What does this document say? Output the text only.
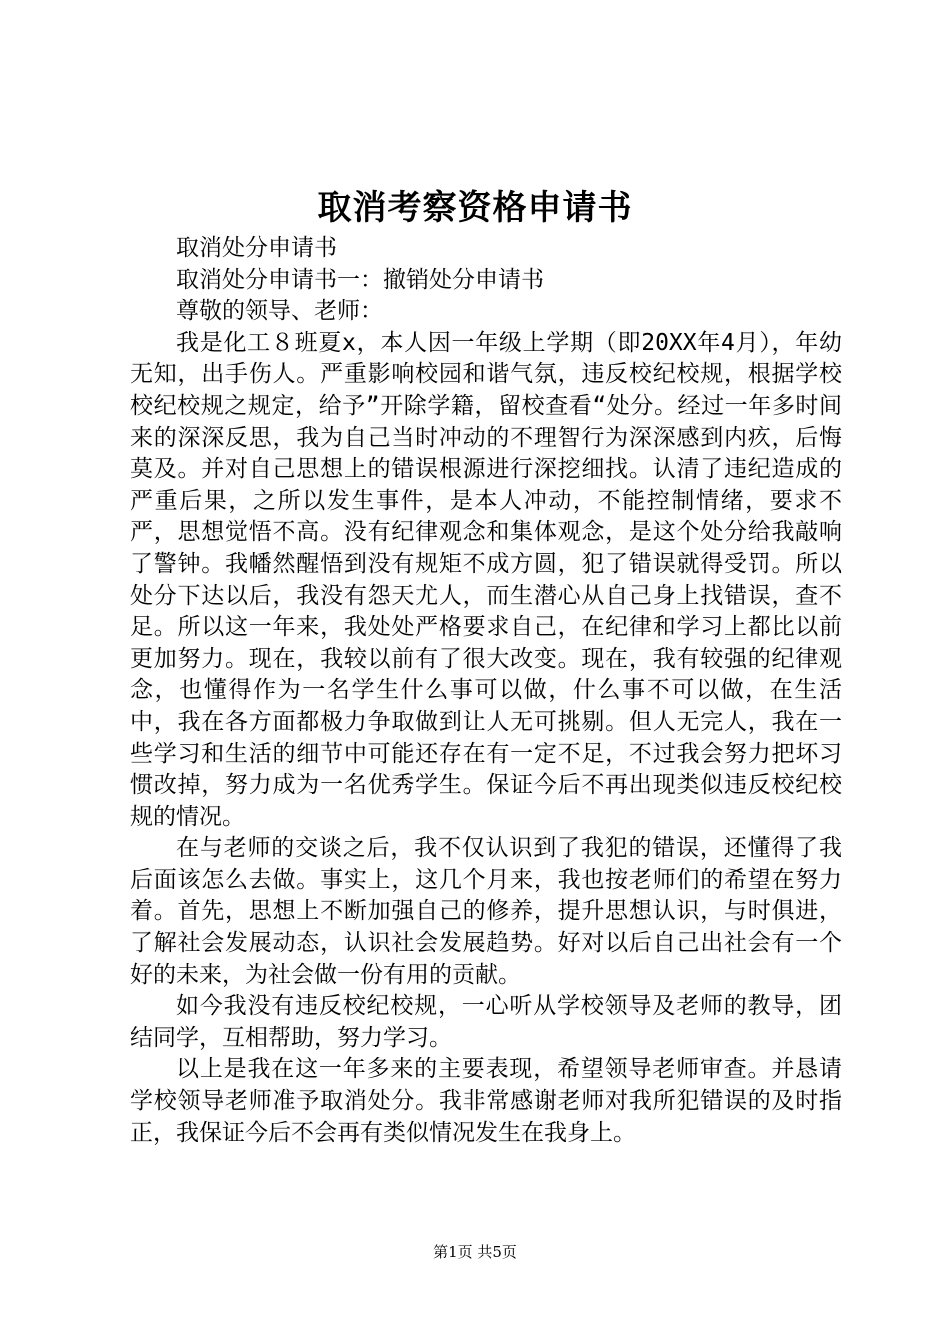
取消考察资格申请书

取消处分申请书

取消处分申请书一：撤销处分申请书

尊敬的领导、老师：

我是化工８班夏x，本人因一年级上学期（即20XX年4月），年幼无知，出手伤人。严重影响校园和谐气氛，违反校纪校规，根据学校校纪校规之规定，给予”开除学籍，留校查看“处分。经过一年多时间来的深深反思，我为自己当时冲动的不理智行为深深感到内疚，后悔莫及。并对自己思想上的错误根源进行深挖细找。认清了违纪造成的严重后果，之所以发生事件，是本人冲动，不能控制情绪，要求不严，思想觉悟不高。没有纪律观念和集体观念，是这个处分给我敲响了警钟。我幡然醒悟到没有规矩不成方圆，犯了错误就得受罚。所以处分下达以后，我没有怨天尤人，而生潜心从自己身上找错误，查不足。所以这一年来，我处处严格要求自己，在纪律和学习上都比以前更加努力。现在，我较以前有了很大改变。现在，我有较强的纪律观念，也懂得作为一名学生什么事可以做，什么事不可以做，在生活中，我在各方面都极力争取做到让人无可挑剔。但人无完人，我在一些学习和生活的细节中可能还存在有一定不足，不过我会努力把坏习惯改掉，努力成为一名优秀学生。保证今后不再出现类似违反校纪校规的情况。

在与老师的交谈之后，我不仅认识到了我犯的错误，还懂得了我后面该怎么去做。事实上，这几个月来，我也按老师们的希望在努力着。首先，思想上不断加强自己的修养，提升思想认识，与时俱进，了解社会发展动态，认识社会发展趋势。好对以后自己出社会有一个好的未来，为社会做一份有用的贡献。

如今我没有违反校纪校规，一心听从学校领导及老师的教导，团结同学，互相帮助，努力学习。

以上是我在这一年多来的主要表现，希望领导老师审查。并恳请学校领导老师准予取消处分。我非常感谢老师对我所犯错误的及时指正，我保证今后不会再有类似情况发生在我身上。

第1页 共5页
